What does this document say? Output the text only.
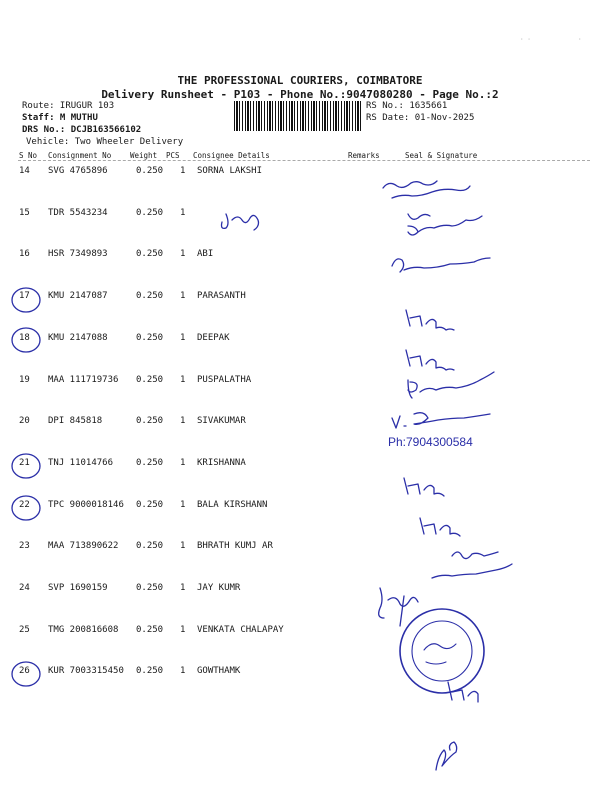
· ·	·
THE PROFESSIONAL COURIERS, COIMBATORE
Delivery Runsheet - P103 - Phone No.:9047080280 - Page No.:2
Route: IRUGUR 103
Staff: M MUTHU
DRS No.: DCJB163566102
Vehicle: Two Wheeler Delivery
RS No.: 1635661
RS Date: 01-Nov-2025
S No Consignment No	Weight PCS Consignee Details	Remarks	Seal & Signature
14 SVG 4765896	0.250 1 SORNA LAKSHI
15 TDR 5543234	0.250 1
16 HSR 7349893	0.250 1 ABI
17 KMU 2147087	0.250 1 PARASANTH
18 KMU 2147088	0.250 1 DEEPAK
19 MAA 111719736 0.250 1 PUSPALATHA
20 DPI 845818	0.250 1 SIVAKUMAR
21 TNJ 11014766	0.250 1 KRISHANNA
22 TPC 9000018146 0.250 1 BALA KIRSHANN
23 MAA 713890622 0.250 1 BHRATH KUMJ AR
24 SVP 1690159	0.250 1 JAY KUMR
25 TMG 200816608 0.250 1 VENKATA CHALAPAY
26 KUR 7003315450 0.250 1 GOWTHAMK
Ph:7904300584
